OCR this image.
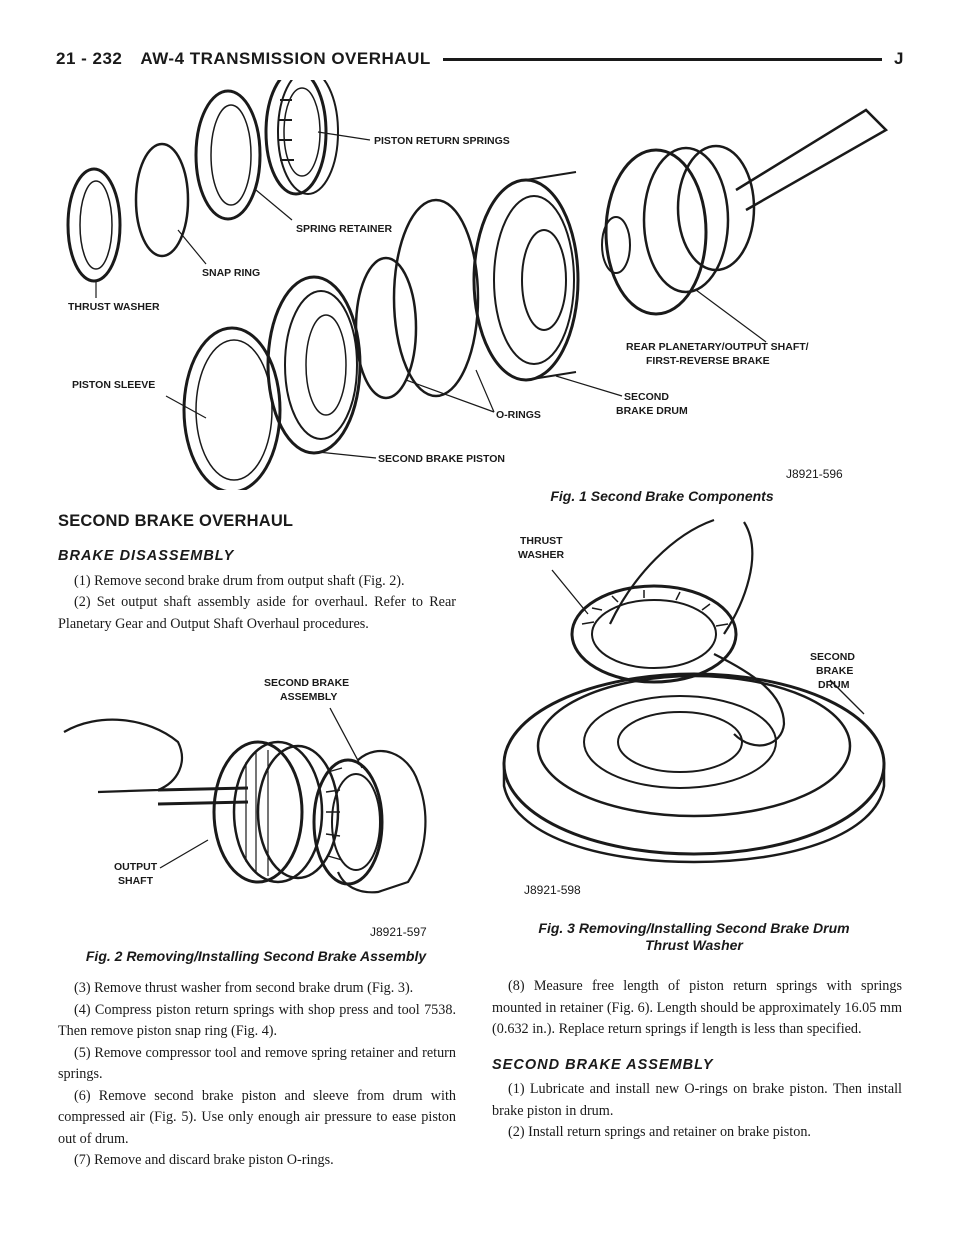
21 - 232 AW-4 TRANSMISSION OVERHAUL	J
PISTON RETURN SPRINGS
SPRING RETAINER
SNAP RING
THRUST WASHER
PISTON SLEEVE
SECOND BRAKE PISTON
O-RINGS
SECOND
BRAKE DRUM
REAR PLANETARY/OUTPUT SHAFT/
FIRST-REVERSE BRAKE
J8921-596
Fig. 1 Second Brake Components
SECOND BRAKE OVERHAUL
BRAKE DISASSEMBLY

(1) Remove second brake drum from output shaft (Fig. 2).

(2) Set output shaft assembly aside for overhaul. Refer to Rear Planetary Gear and Output Shaft Overhaul procedures.

SECOND BRAKE
ASSEMBLY
OUTPUT
SHAFT
J8921-597
Fig. 2 Removing/Installing Second Brake Assembly

(3) Remove thrust washer from second brake drum (Fig. 3).

(4) Compress piston return springs with shop press and tool 7538. Then remove piston snap ring (Fig. 4).

(5) Remove compressor tool and remove spring retainer and return springs.

(6) Remove second brake piston and sleeve from drum with compressed air (Fig. 5). Use only enough air pressure to ease piston out of drum.

(7) Remove and discard brake piston O-rings.

THRUST
WASHER
SECOND
BRAKE
DRUM
J8921-598
Fig. 3 Removing/Installing Second Brake Drum
Thrust Washer

(8) Measure free length of piston return springs with springs mounted in retainer (Fig. 6). Length should be approximately 16.05 mm (0.632 in.). Replace return springs if length is less than specified.

SECOND BRAKE ASSEMBLY

(1) Lubricate and install new O-rings on brake piston. Then install brake piston in drum.

(2) Install return springs and retainer on brake piston.
